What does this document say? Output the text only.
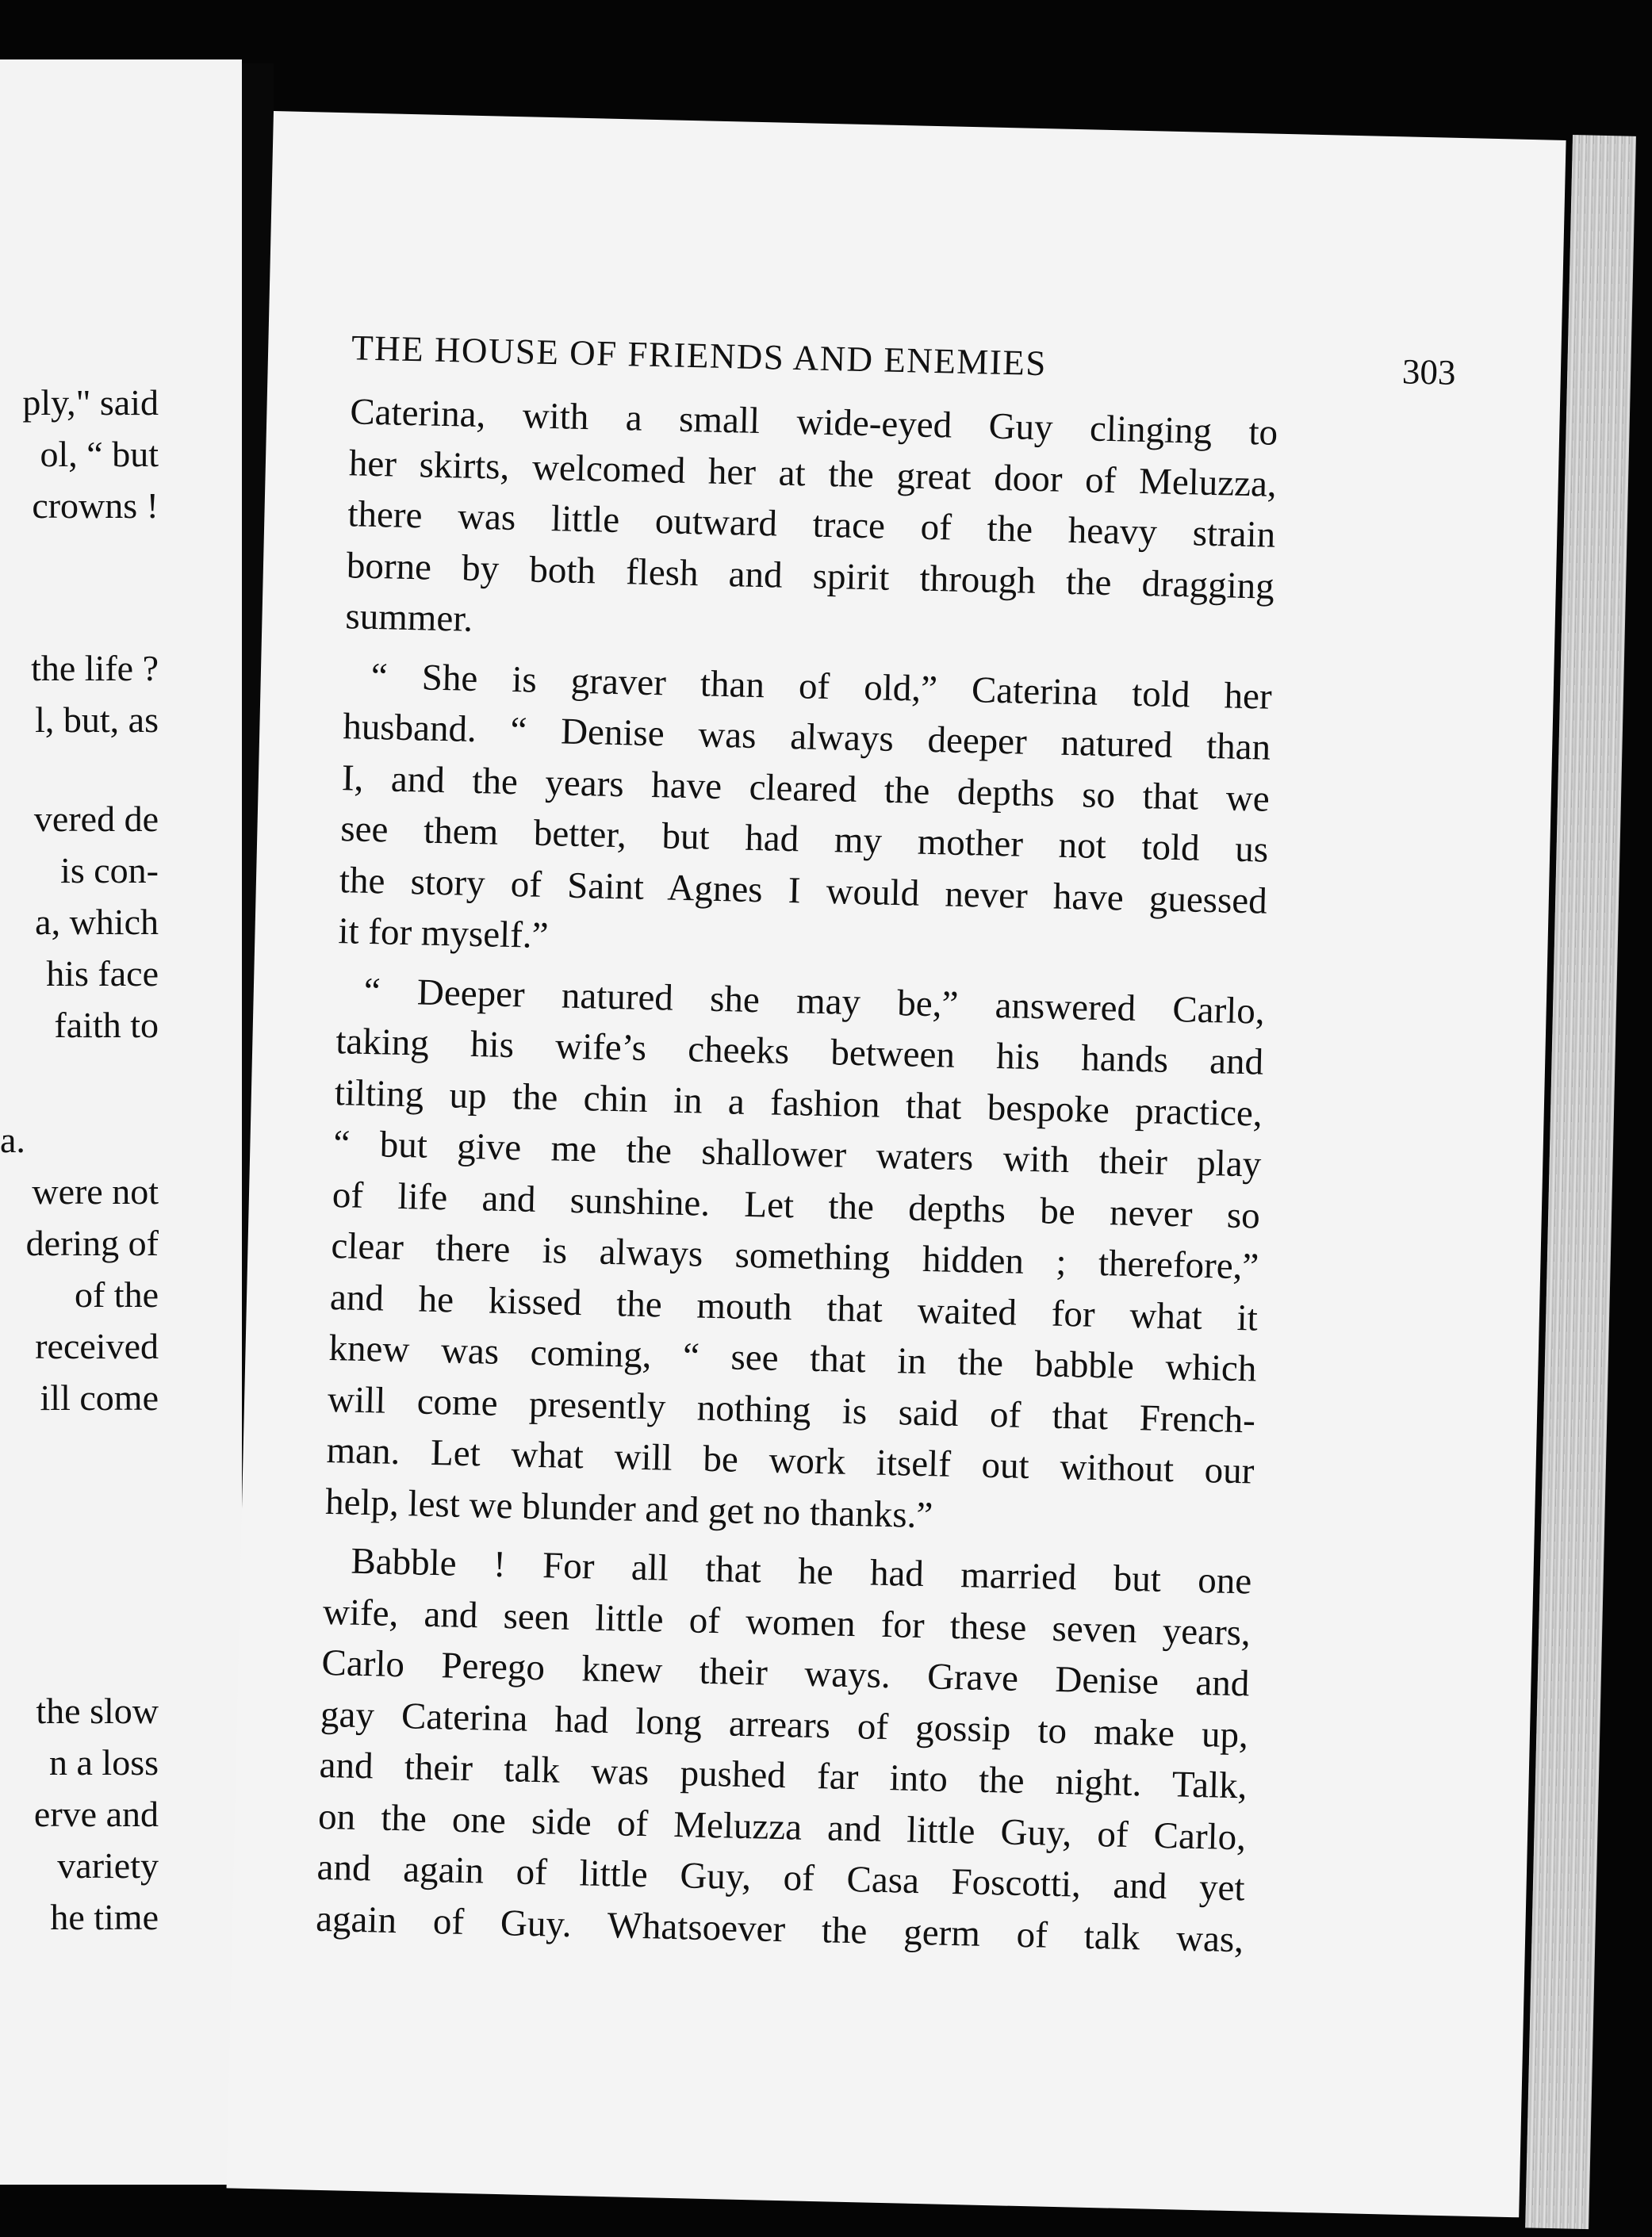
ply," said
ol, “ but
crowns !
the life ?
l, but, as
vered de
is con-
a, which
his face
faith to
a.
were not
dering of
of the
received
ill come
the slow
n a loss
erve and
variety
he time
THE HOUSE OF FRIENDS AND ENEMIES	303
Caterina, with a small wide-eyed Guy clinging to
her skirts, welcomed her at the great door of Meluzza,
there was little outward trace of the heavy strain
borne by both flesh and spirit through the dragging
summer.
“ She is graver than of old,” Caterina told her
husband. “ Denise was always deeper natured than
I, and the years have cleared the depths so that we
see them better, but had my mother not told us
the story of Saint Agnes I would never have guessed
it for myself.”
“ Deeper natured she may be,” answered Carlo,
taking his wife’s cheeks between his hands and
tilting up the chin in a fashion that bespoke practice,
“ but give me the shallower waters with their play
of life and sunshine. Let the depths be never so
clear there is always something hidden ; therefore,”
and he kissed the mouth that waited for what it
knew was coming, “ see that in the babble which
will come presently nothing is said of that French-
man. Let what will be work itself out without our
help, lest we blunder and get no thanks.”
Babble ! For all that he had married but one
wife, and seen little of women for these seven years,
Carlo Perego knew their ways. Grave Denise and
gay Caterina had long arrears of gossip to make up,
and their talk was pushed far into the night. Talk,
on the one side of Meluzza and little Guy, of Carlo,
and again of little Guy, of Casa Foscotti, and yet
again of Guy. Whatsoever the germ of talk was,
